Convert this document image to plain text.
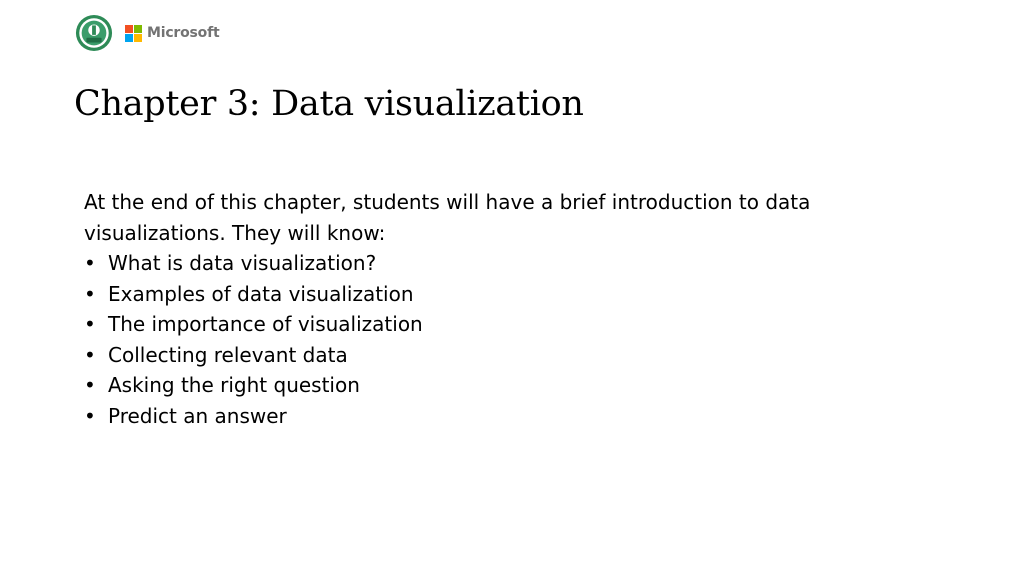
Microsoft
Chapter 3: Data visualization

At the end of this chapter, students will have a brief introduction to data visualizations. They will know:

• What is data visualization?
• Examples of data visualization
• The importance of visualization
• Collecting relevant data
• Asking the right question
• Predict an answer
